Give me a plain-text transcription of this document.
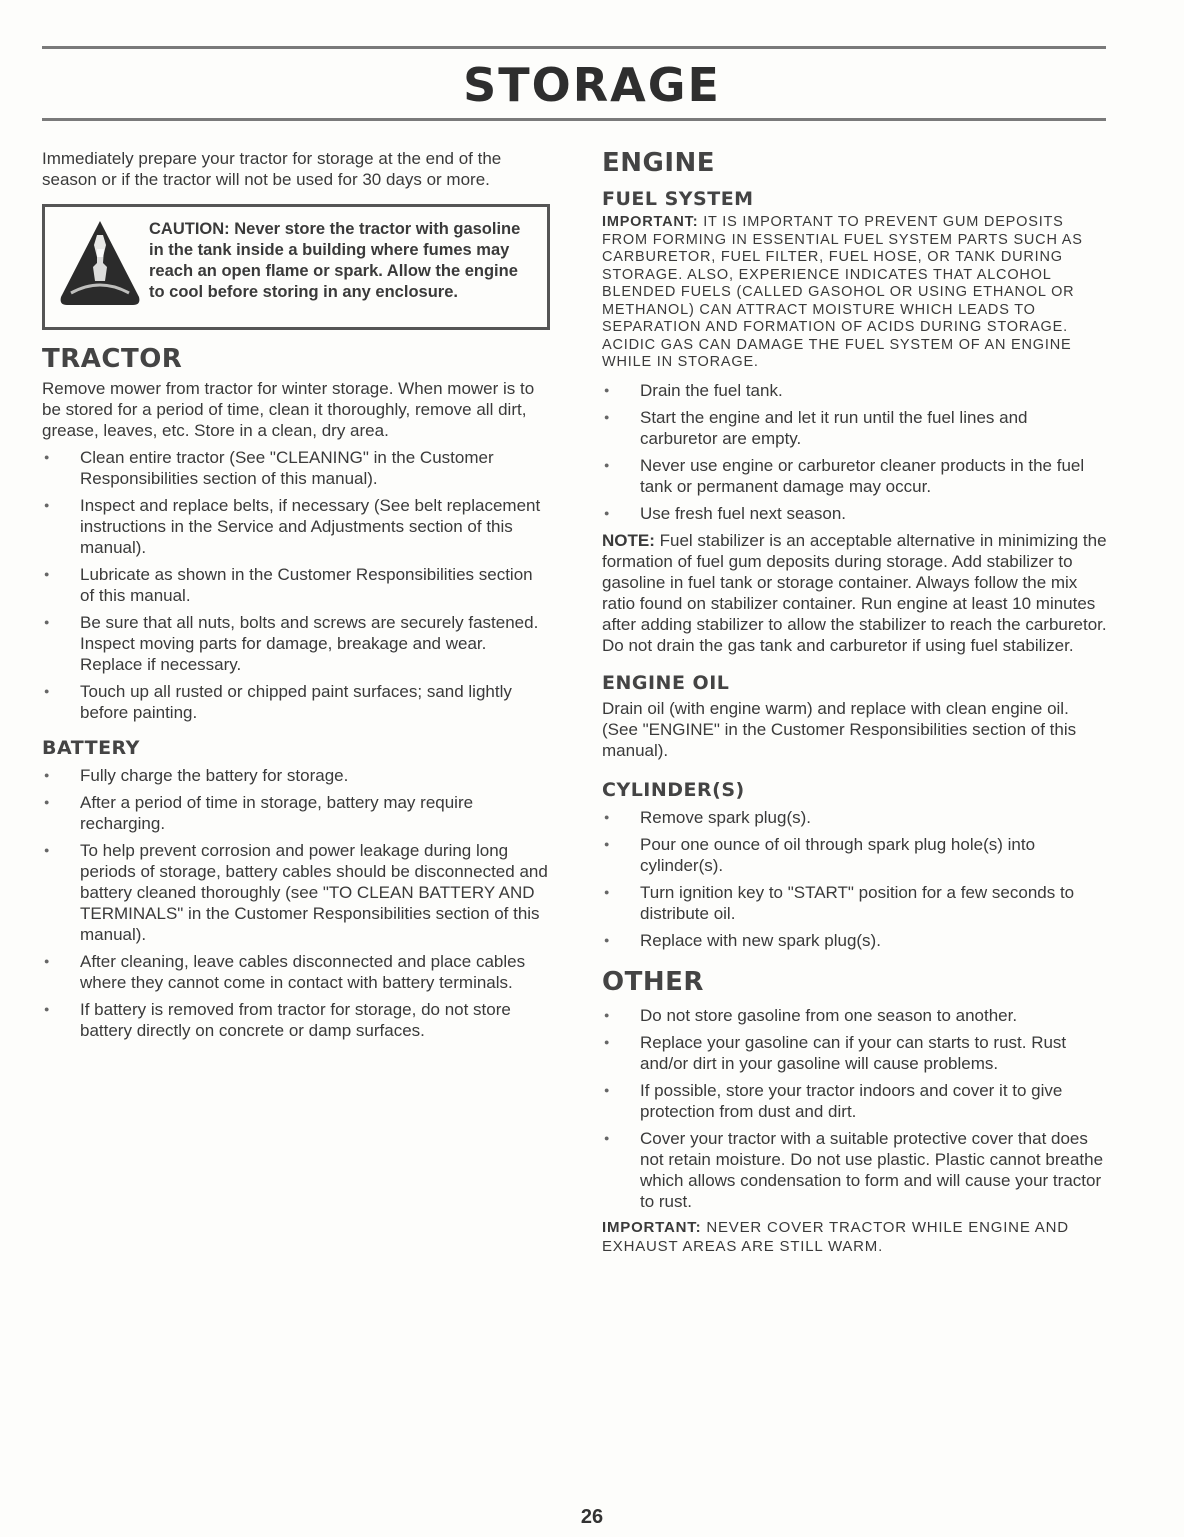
STORAGE

Immediately prepare your tractor for storage at the end of the season or if the tractor will not be used for 30 days or more.

CAUTION: Never store the tractor with gasoline in the tank inside a building where fumes may reach an open flame or spark. Allow the engine to cool before storing in any enclosure.
TRACTOR

Remove mower from tractor for winter storage. When mower is to be stored for a period of time, clean it thoroughly, remove all dirt, grease, leaves, etc. Store in a clean, dry area.

● Clean entire tractor (See "CLEANING" in the Customer Responsibilities section of this manual).
● Inspect and replace belts, if necessary (See belt replacement instructions in the Service and Adjustments section of this manual).
● Lubricate as shown in the Customer Responsibilities section of this manual.
● Be sure that all nuts, bolts and screws are securely fastened. Inspect moving parts for damage, breakage and wear. Replace if necessary.
● Touch up all rusted or chipped paint surfaces; sand lightly before painting.
BATTERY
● Fully charge the battery for storage.
● After a period of time in storage, battery may require recharging.
● To help prevent corrosion and power leakage during long periods of storage, battery cables should be disconnected and battery cleaned thoroughly (see "TO CLEAN BATTERY AND TERMINALS" in the Customer Responsibilities section of this manual).
● After cleaning, leave cables disconnected and place cables where they cannot come in contact with battery terminals.
● If battery is removed from tractor for storage, do not store battery directly on concrete or damp surfaces.
ENGINE
FUEL SYSTEM

IMPORTANT: IT IS IMPORTANT TO PREVENT GUM DEPOSITS FROM FORMING IN ESSENTIAL FUEL SYSTEM PARTS SUCH AS CARBURETOR, FUEL FILTER, FUEL HOSE, OR TANK DURING STORAGE. ALSO, EXPERIENCE INDICATES THAT ALCOHOL BLENDED FUELS (CALLED GASOHOL OR USING ETHANOL OR METHANOL) CAN ATTRACT MOISTURE WHICH LEADS TO SEPARATION AND FORMATION OF ACIDS DURING STORAGE. ACIDIC GAS CAN DAMAGE THE FUEL SYSTEM OF AN ENGINE WHILE IN STORAGE.

● Drain the fuel tank.
● Start the engine and let it run until the fuel lines and carburetor are empty.
● Never use engine or carburetor cleaner products in the fuel tank or permanent damage may occur.
● Use fresh fuel next season.

NOTE: Fuel stabilizer is an acceptable alternative in minimizing the formation of fuel gum deposits during storage. Add stabilizer to gasoline in fuel tank or storage container. Always follow the mix ratio found on stabilizer container. Run engine at least 10 minutes after adding stabilizer to allow the stabilizer to reach the carburetor. Do not drain the gas tank and carburetor if using fuel stabilizer.

ENGINE OIL

Drain oil (with engine warm) and replace with clean engine oil. (See "ENGINE" in the Customer Responsibilities section of this manual).

CYLINDER(S)
● Remove spark plug(s).
● Pour one ounce of oil through spark plug hole(s) into cylinder(s).
● Turn ignition key to "START" position for a few seconds to distribute oil.
● Replace with new spark plug(s).
OTHER
● Do not store gasoline from one season to another.
● Replace your gasoline can if your can starts to rust. Rust and/or dirt in your gasoline will cause problems.
● If possible, store your tractor indoors and cover it to give protection from dust and dirt.
● Cover your tractor with a suitable protective cover that does not retain moisture. Do not use plastic. Plastic cannot breathe which allows condensation to form and will cause your tractor to rust.

IMPORTANT: NEVER COVER TRACTOR WHILE ENGINE AND EXHAUST AREAS ARE STILL WARM.

26
